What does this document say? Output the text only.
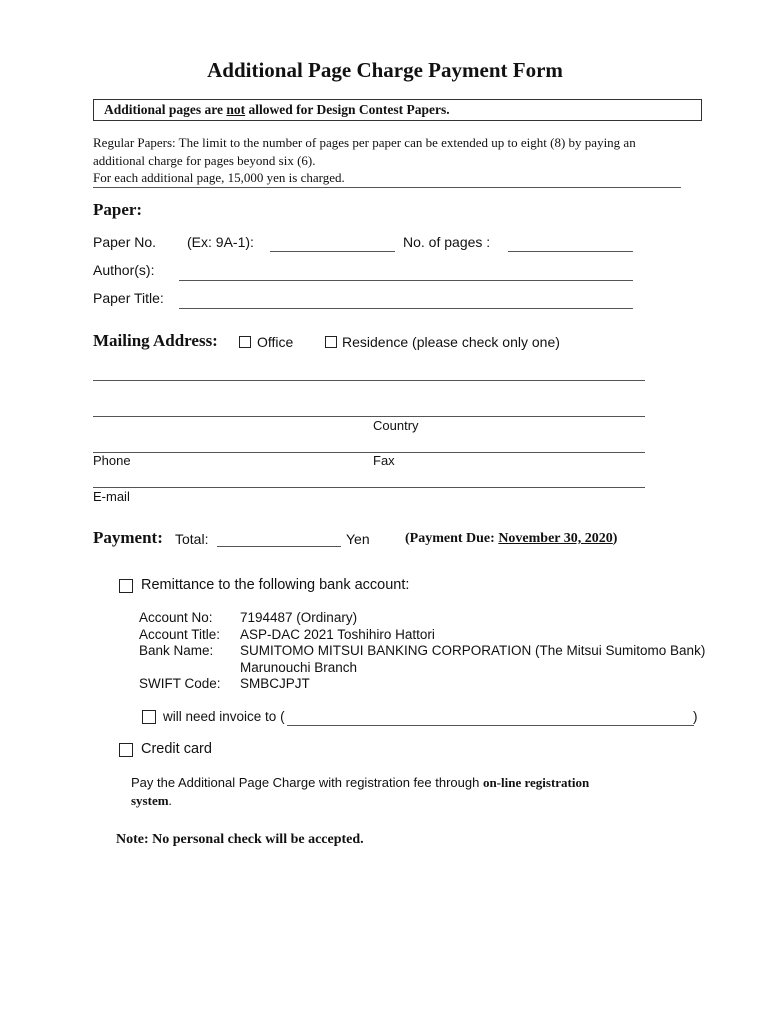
Additional Page Charge Payment Form
Additional pages are not allowed for Design Contest Papers.
Regular Papers: The limit to the number of pages per paper can be extended up to eight (8) by paying an
additional charge for pages beyond six (6).
For each additional page, 15,000 yen is charged.
Paper:
Paper No. (Ex: 9A-1):	No. of pages :
Author(s):
Paper Title:
Mailing Address:	Office	Residence (please check only one)
Country
Phone	Fax
E-mail
Payment: Total:	Yen	(Payment Due: November 30, 2020)
Remittance to the following bank account:
Account No: 7194487 (Ordinary)
Account Title: ASP-DAC 2021 Toshihiro Hattori
Bank Name: SUMITOMO MITSUI BANKING CORPORATION (The Mitsui Sumitomo Bank)
Marunouchi Branch
SWIFT Code: SMBCJPJT
will need invoice to (	)
Credit card
Pay the Additional Page Charge with registration fee through on-line registration
system.
Note: No personal check will be accepted.
